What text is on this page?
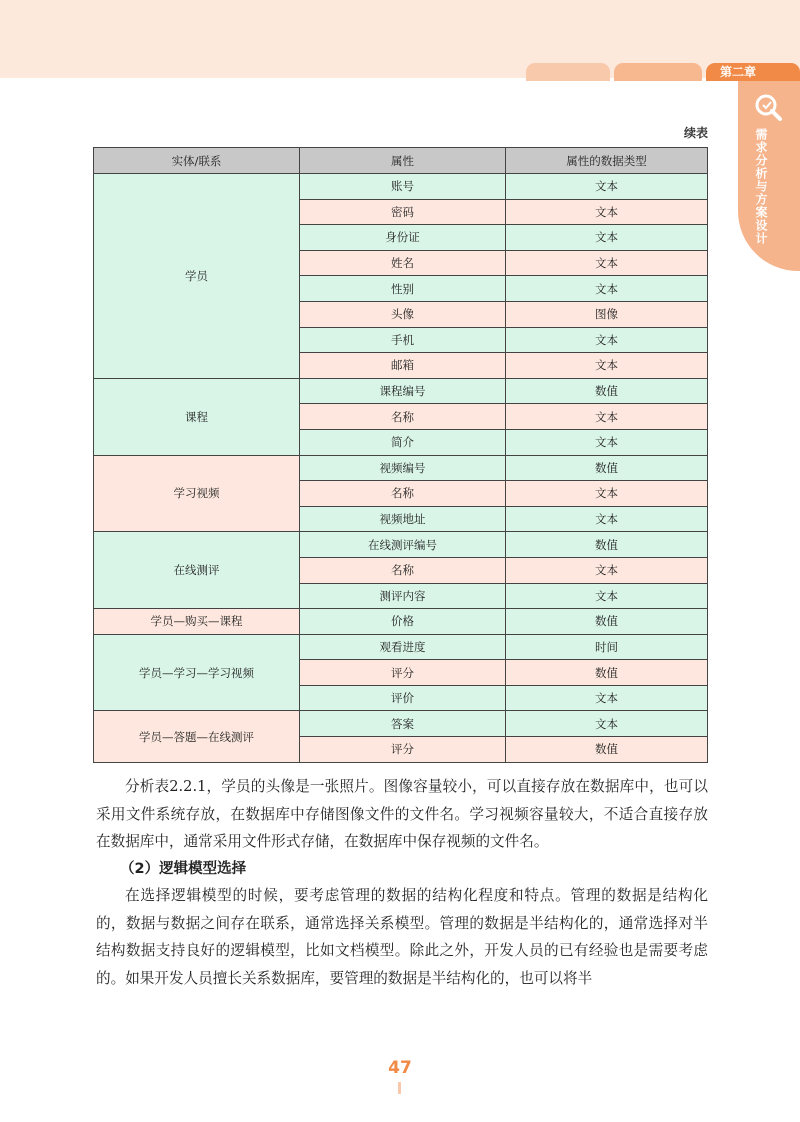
第二章
需求分析与方案设计
续表
实体/联系	属性	属性的数据类型
学员	账号	文本
	密码	文本
	身份证	文本
	姓名	文本
	性别	文本
	头像	图像
	手机	文本
	邮箱	文本
课程	课程编号	数值
	名称	文本
	简介	文本
学习视频	视频编号	数值
	名称	文本
	视频地址	文本
在线测评	在线测评编号	数值
	名称	文本
	测评内容	文本
学员—购买—课程	价格	数值
学员—学习—学习视频	观看进度	时间
	评分	数值
	评价	文本
学员—答题—在线测评	答案	文本
	评分	数值

分析表2.2.1，学员的头像是一张照片。图像容量较小，可以直接存放在数据库中，也可以采用文件系统存放，在数据库中存储图像文件的文件名。学习视频容量较大，不适合直接存放在数据库中，通常采用文件形式存储，在数据库中保存视频的文件名。

（2）逻辑模型选择

在选择逻辑模型的时候，要考虑管理的数据的结构化程度和特点。管理的数据是结构化的，数据与数据之间存在联系，通常选择关系模型。管理的数据是半结构化的，通常选择对半结构数据支持良好的逻辑模型，比如文档模型。除此之外，开发人员的已有经验也是需要考虑的。如果开发人员擅长关系数据库，要管理的数据是半结构化的，也可以将半

47
